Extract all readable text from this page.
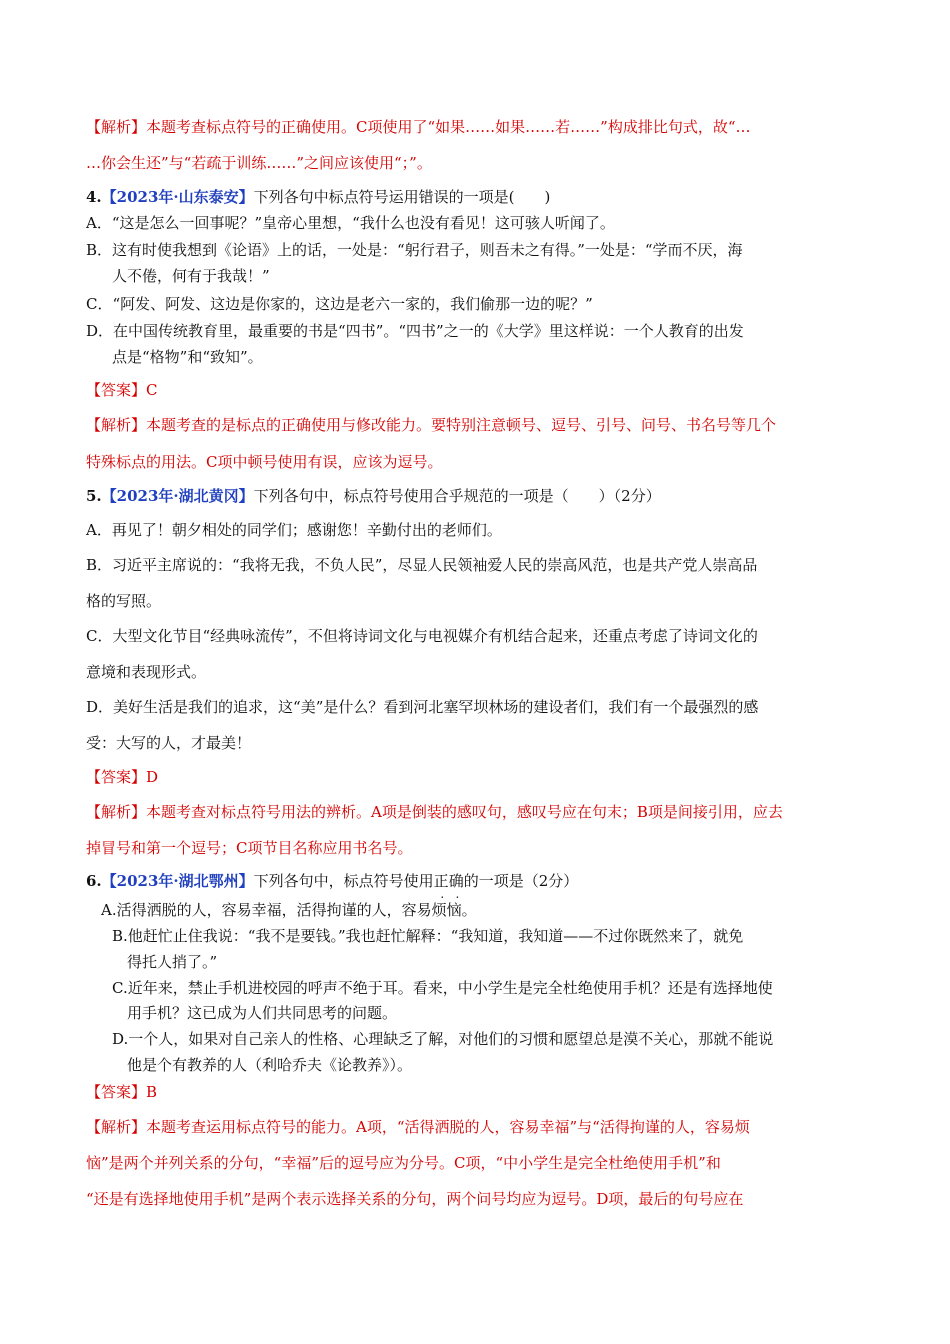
【解析】本题考查标点符号的正确使用。C项使用了“如果……如果……若……”构成排比句式，故“…
…你会生还”与“若疏于训练……”之间应该使用“；”。
4.【2023年·山东泰安】下列各句中标点符号运用错误的一项是(　　)
A．“这是怎么一回事呢？”皇帝心里想，“我什么也没有看见！这可骇人听闻了。
B．这有时使我想到《论语》上的话，一处是：“躬行君子，则吾未之有得。”一处是：“学而不厌，海
人不倦，何有于我哉！”
C．“阿发、阿发、这边是你家的，这边是老六一家的，我们偷那一边的呢？”
D．在中国传统教育里，最重要的书是“四书”。“四书”之一的《大学》里这样说：一个人教育的出发
点是“格物”和“致知”。
【答案】C
【解析】本题考查的是标点的正确使用与修改能力。要特别注意顿号、逗号、引号、问号、书名号等几个
特殊标点的用法。C项中顿号使用有误，应该为逗号。
5.【2023年·湖北黄冈】下列各句中，标点符号使用合乎规范的一项是（　　）（2分）
A．再见了！朝夕相处的同学们；感谢您！辛勤付出的老师们。
B．习近平主席说的：“我将无我，不负人民”，尽显人民领袖爱人民的崇高风范，也是共产党人崇高品
格的写照。
C．大型文化节目“经典咏流传”，不但将诗词文化与电视媒介有机结合起来，还重点考虑了诗词文化的
意境和表现形式。
D．美好生活是我们的追求，这“美”是什么？看到河北塞罕坝林场的建设者们，我们有一个最强烈的感
受：大写的人，才最美！
【答案】D
【解析】本题考查对标点符号用法的辨析。A项是倒装的感叹句，感叹号应在句末；B项是间接引用，应去
掉冒号和第一个逗号；C项节目名称应用书名号。
6.【2023年·湖北鄂州】下列各句中，标点符号使用正确的一项是（2分）
A.活得洒脱的人，容易幸福，活得拘谨的人，容易烦恼。
B.他赶忙止住我说：“我不是要钱。”我也赶忙解释：“我知道，我知道——不过你既然来了，就免
得托人捎了。”
C.近年来，禁止手机进校园的呼声不绝于耳。看来，中小学生是完全杜绝使用手机？还是有选择地使
用手机？这已成为人们共同思考的问题。
D.一个人，如果对自己亲人的性格、心理缺乏了解，对他们的习惯和愿望总是漠不关心，那就不能说
他是个有教养的人（利哈乔夫《论教养》）。
【答案】B
【解析】本题考查运用标点符号的能力。A项，“活得洒脱的人，容易幸福”与“活得拘谨的人，容易烦
恼”是两个并列关系的分句，“幸福”后的逗号应为分号。C项，“中小学生是完全杜绝使用手机”和
“还是有选择地使用手机”是两个表示选择关系的分句，两个问号均应为逗号。D项，最后的句号应在
